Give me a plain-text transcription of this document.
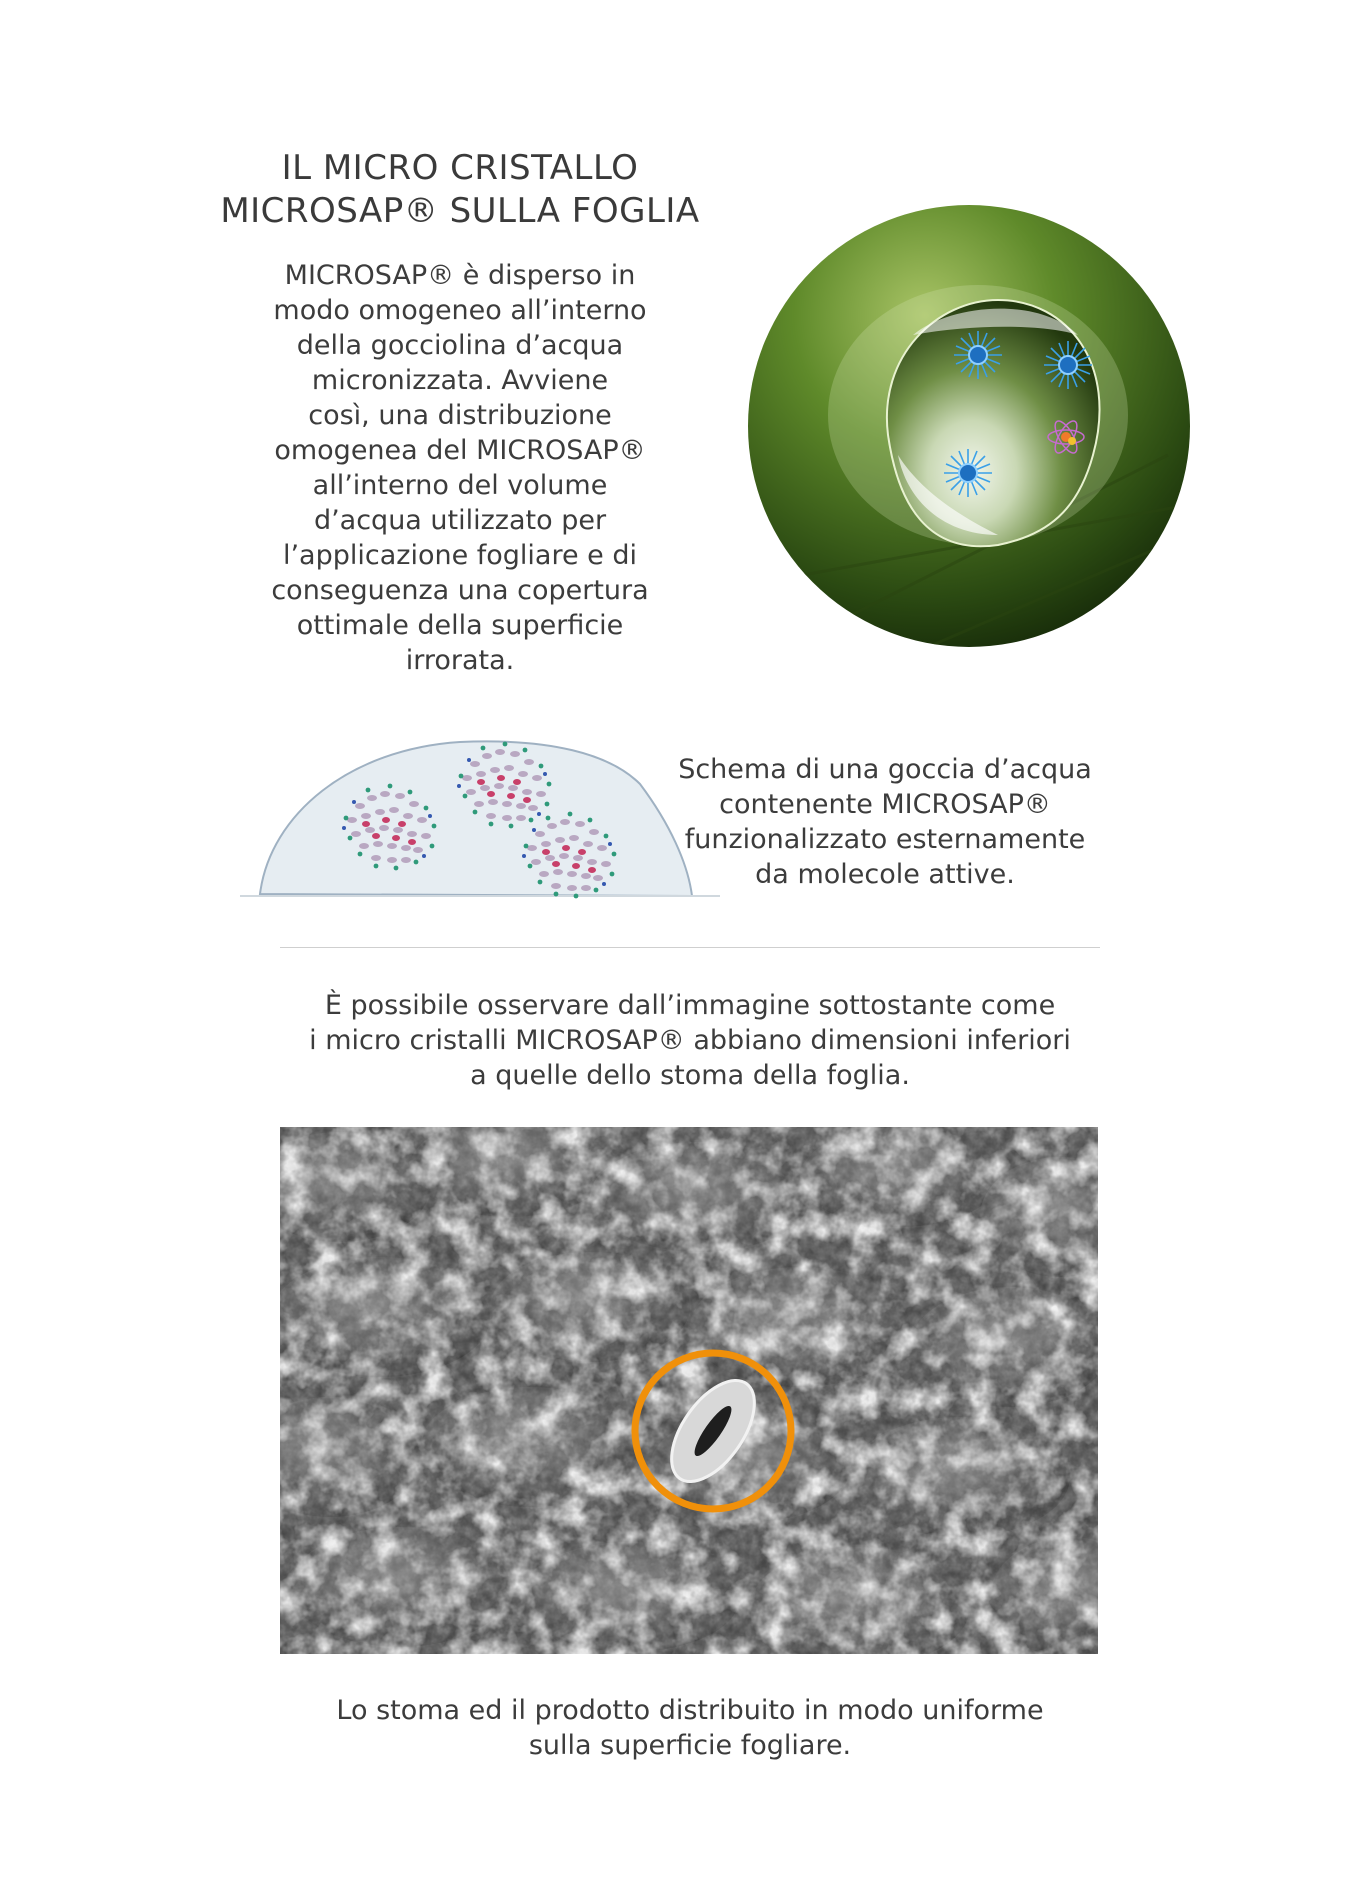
IL MICRO CRISTALLO
MICROSAP® SULLA FOGLIA
MICROSAP® è disperso in
modo omogeneo all’interno
della gocciolina d’acqua
micronizzata. Avviene
così, una distribuzione
omogenea del MICROSAP®
all’interno del volume
d’acqua utilizzato per
l’applicazione fogliare e di
conseguenza una copertura
ottimale della superficie
irrorata.
Schema di una goccia d’acqua
contenente MICROSAP®
funzionalizzato esternamente
da molecole attive.
È possibile osservare dall’immagine sottostante come
i micro cristalli MICROSAP® abbiano dimensioni inferiori
a quelle dello stoma della foglia.
Lo stoma ed il prodotto distribuito in modo uniforme
sulla superficie fogliare.
